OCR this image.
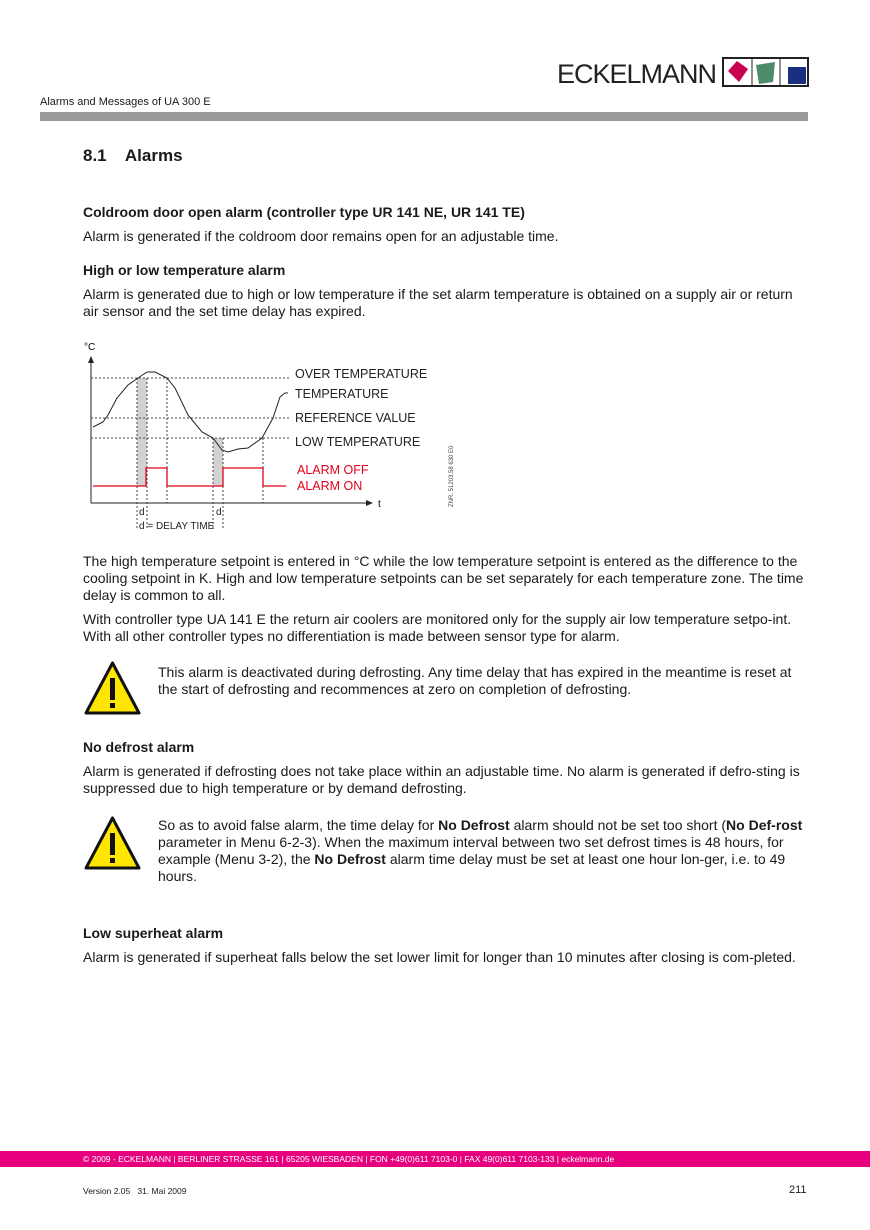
ECKELMANN
Alarms and Messages of UA 300 E
8.1    Alarms
Coldroom door open alarm (controller type UR 141 NE, UR 141 TE)
Alarm is generated if the coldroom door remains open for an adjustable time.
High or low temperature alarm
Alarm is generated due to high or low temperature if the set alarm temperature is obtained on a supply air or return air sensor and the set time delay has expired.
°C
t
OVER TEMPERATURE
TEMPERATURE
REFERENCE VALUE
LOW TEMPERATURE
ALARM OFF
ALARM ON
d	d
d = DELAY TIME
ZNR. 51203.58 630 E0
The high temperature setpoint is entered in °C while the low temperature setpoint is entered as the difference to the cooling setpoint in K. High and low temperature setpoints can be set separately for each temperature zone. The time delay is common to all.
With controller type UA 141 E the return air coolers are monitored only for the supply air low temperature setpo-int. With all other controller types no differentiation is made between sensor type for alarm.
This alarm is deactivated during defrosting. Any time delay that has expired in the meantime is reset at the start of defrosting and recommences at zero on completion of defrosting.
No defrost alarm
Alarm is generated if defrosting does not take place within an adjustable time. No alarm is generated if defro-sting is suppressed due to high temperature or by demand defrosting.
So as to avoid false alarm, the time delay for No Defrost alarm should not be set too short (No Def-rost parameter in Menu 6-2-3). When the maximum interval between two set defrost times is 48 hours, for example (Menu 3-2), the No Defrost alarm time delay must be set at least one hour lon-ger, i.e. to 49 hours.
Low superheat alarm
Alarm is generated if superheat falls below the set lower limit for longer than 10 minutes after closing is com-pleted.
© 2009 - ECKELMANN | BERLINER STRASSE 161 | 65205 WIESBADEN | FON +49(0)611 7103-0 | FAX 49(0)611 7103-133 | eckelmann.de
Version 2.05   31. Mai 2009	211
